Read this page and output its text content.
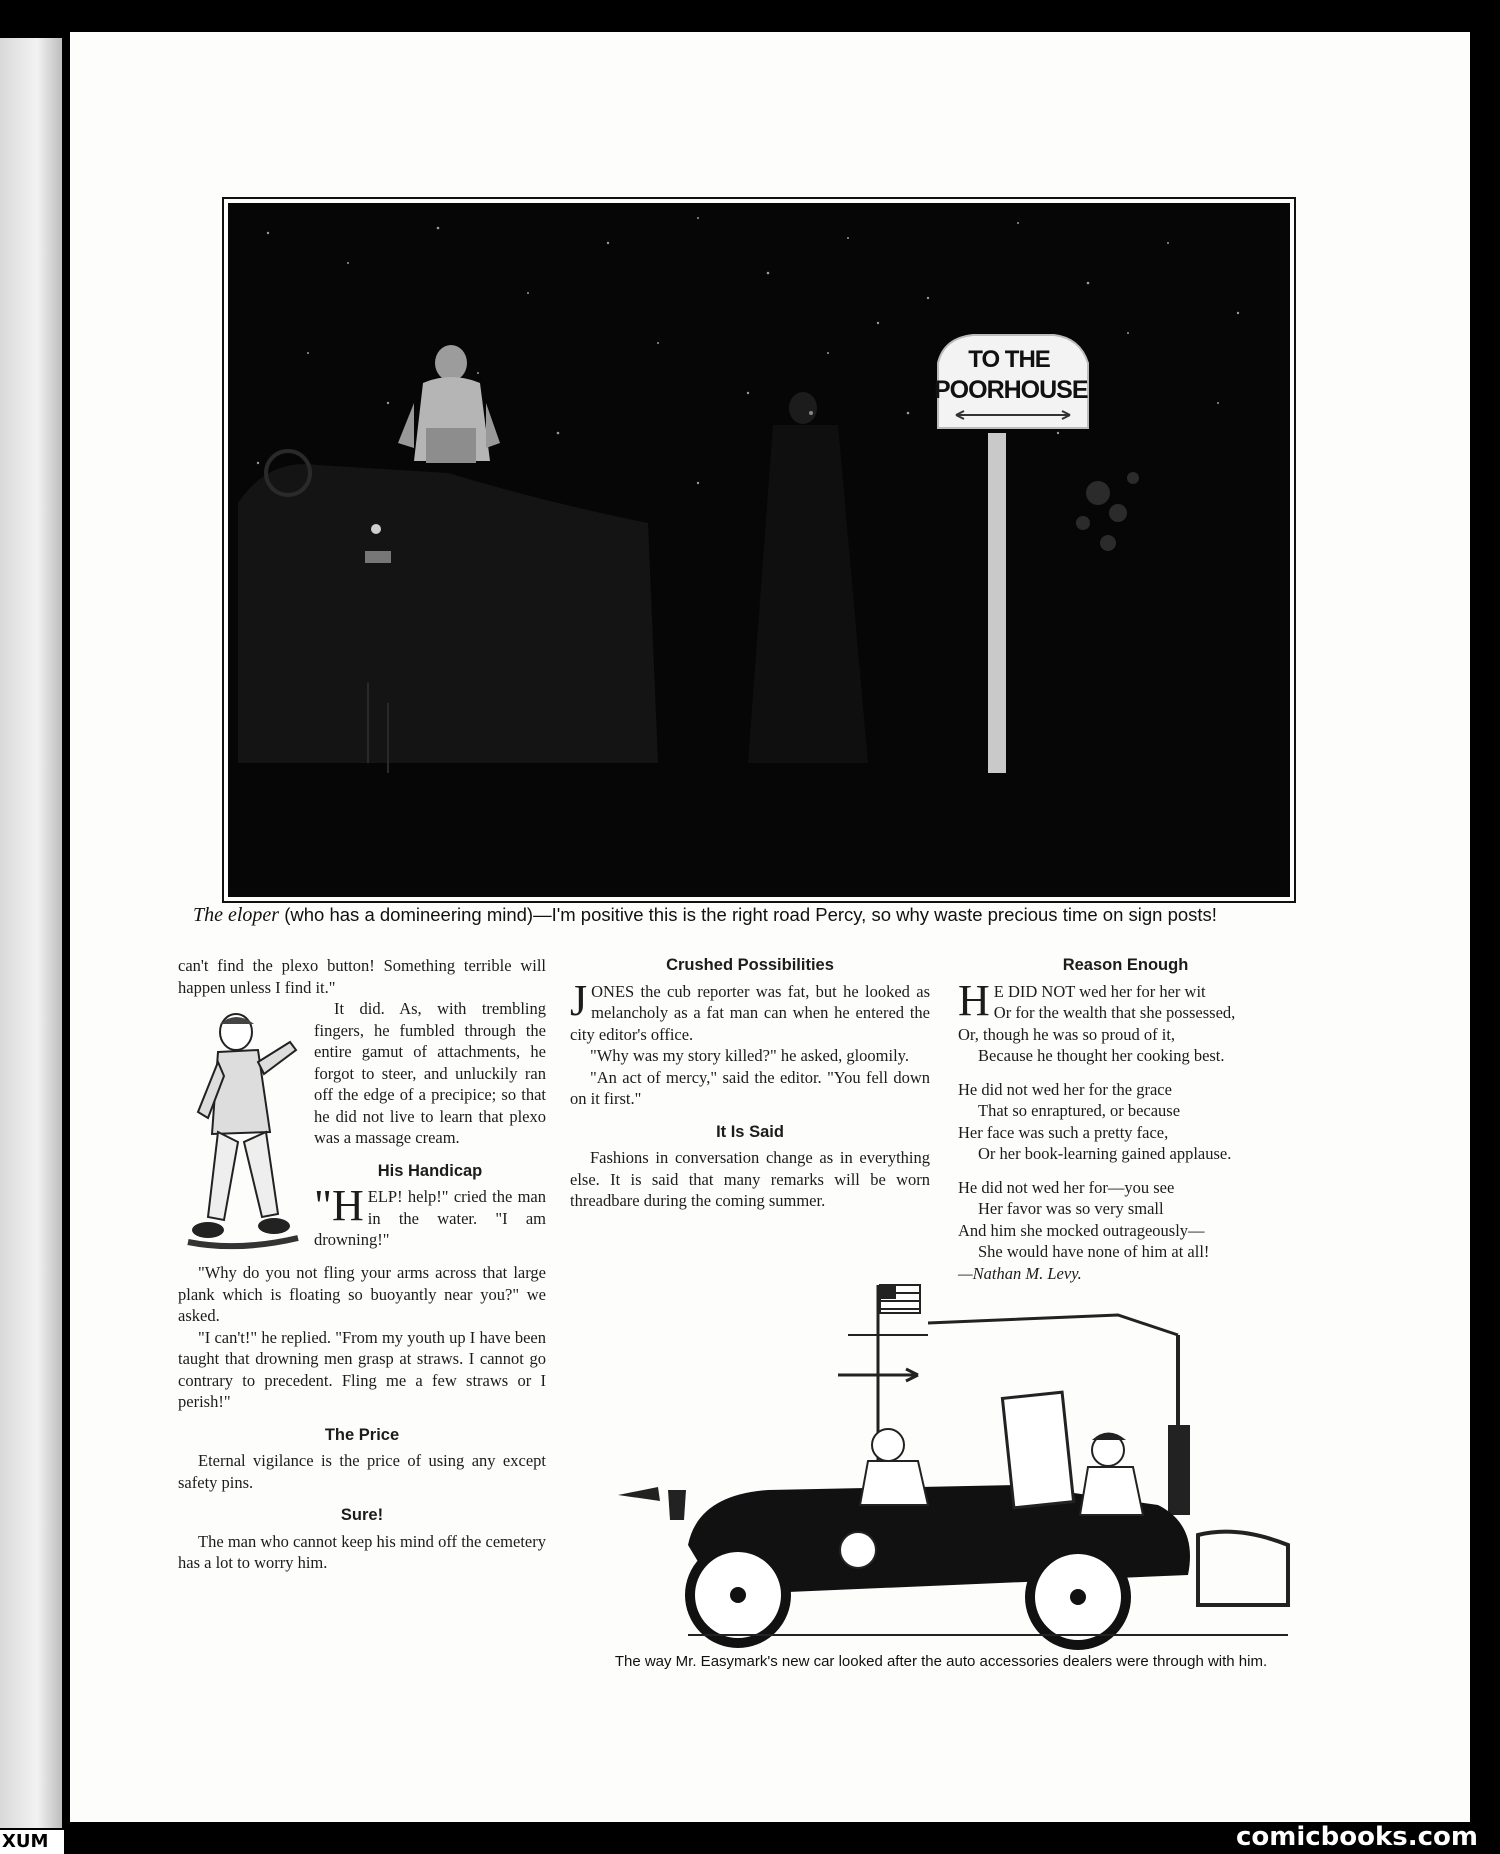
TO THE
POORHOUSE
The eloper (who has a domineering mind)—I'm positive this is the right road Percy, so why waste precious time on sign posts!

can't find the plexo button! Something terrible will happen unless I find it."

It did. As, with trembling fingers, he fumbled through the entire gamut of attachments, he forgot to steer, and unluckily ran off the edge of a precipice; so that he did not live to learn that plexo was a massage cream.

His Handicap

"HELP! help!" cried the man in the water. "I am drowning!"

"Why do you not fling your arms across that large plank which is floating so buoyantly near you?" we asked.

"I can't!" he replied. "From my youth up I have been taught that drowning men grasp at straws. I cannot go contrary to precedent. Fling me a few straws or I perish!"

The Price

Eternal vigilance is the price of using any except safety pins.

Sure!

The man who cannot keep his mind off the cemetery has a lot to worry him.

Crushed Possibilities

JONES the cub reporter was fat, but he looked as melancholy as a fat man can when he entered the city editor's office.

"Why was my story killed?" he asked, gloomily.

"An act of mercy," said the editor. "You fell down on it first."

It Is Said

Fashions in conversation change as in everything else. It is said that many remarks will be worn threadbare during the coming summer.

Reason Enough

H E DID NOT wed her for her wit

Or for the wealth that she possessed,

Or, though he was so proud of it,

Because he thought her cooking best.

He did not wed her for the grace

That so enraptured, or because

Her face was such a pretty face,

Or her book-learning gained applause.

He did not wed her for—you see

Her favor was so very small

And him she mocked outrageously—

She would have none of him at all!

—Nathan M. Levy.

The way Mr. Easymark's new car looked after the auto accessories dealers were through with him.
comicbooks.com
XUM
